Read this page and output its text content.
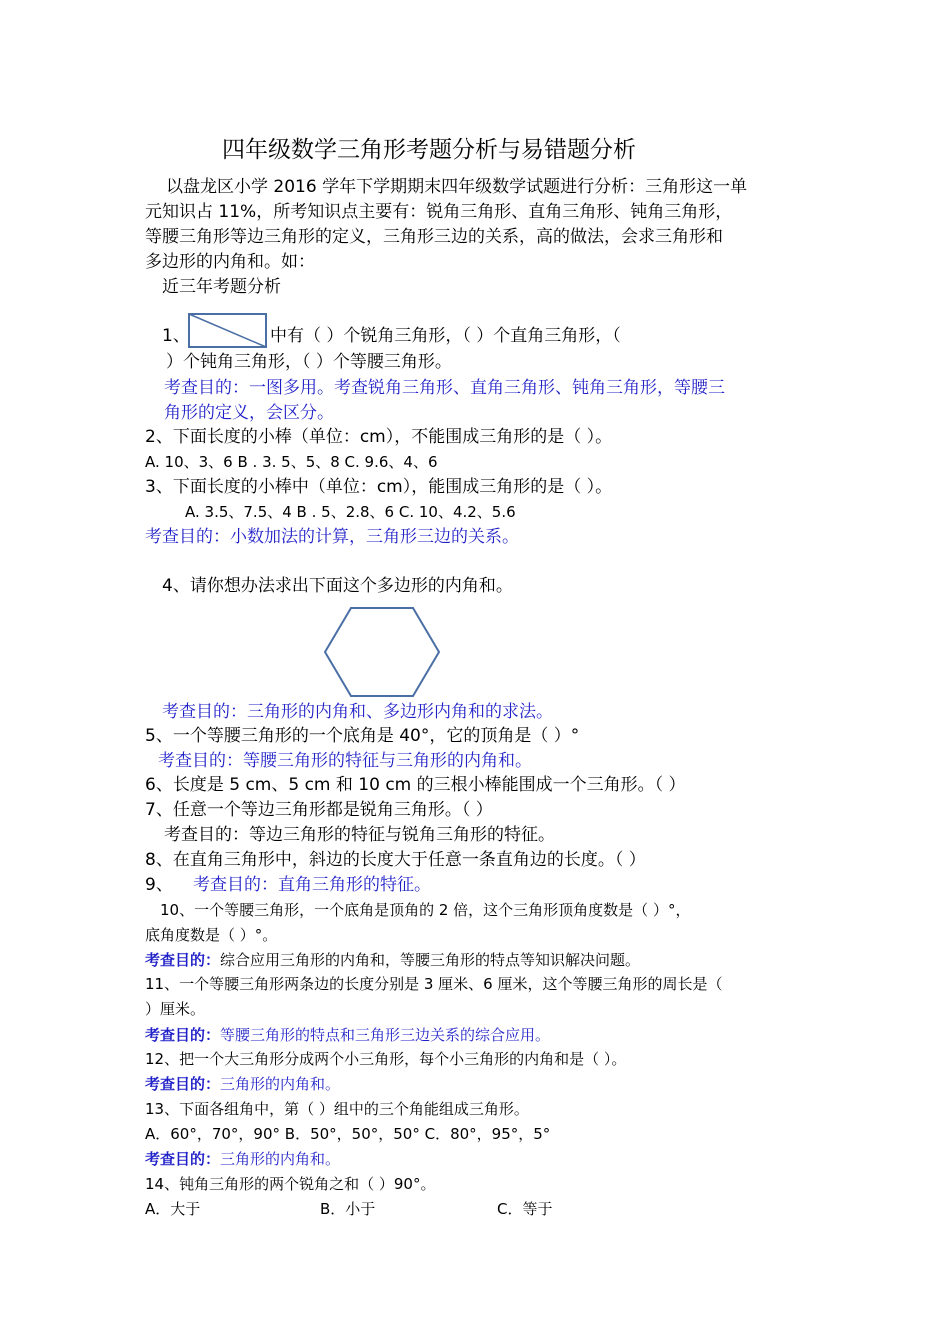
四年级数学三角形考题分析与易错题分析
以盘龙区小学 2016 学年下学期期末四年级数学试题进行分析：三角形这一单
元知识占 11%，所考知识点主要有：锐角三角形、直角三角形、钝角三角形，
等腰三角形等边三角形的定义，三角形三边的关系，高的做法，会求三角形和
多边形的内角和。如：
近三年考题分析
1、	中有（ ）个锐角三角形，（ ）个直角三角形，（
）个钝角三角形，（ ）个等腰三角形。
考查目的：一图多用。考查锐角三角形、直角三角形、钝角三角形，等腰三
角形的定义，会区分。
2、下面长度的小棒（单位：cm），不能围成三角形的是（ ）。
A. 10、3、6 B . 3. 5、5、8 C. 9.6、4、6
3、下面长度的小棒中（单位：cm），能围成三角形的是（ ）。
A. 3.5、7.5、4 B . 5、2.8、6 C. 10、4.2、5.6
考查目的：小数加法的计算，三角形三边的关系。
4、请你想办法求出下面这个多边形的内角和。
考查目的：三角形的内角和、多边形内角和的求法。
5、一个等腰三角形的一个底角是 40°，它的顶角是（ ）°
考查目的：等腰三角形的特征与三角形的内角和。
6、长度是 5 cm、5 cm 和 10 cm 的三根小棒能围成一个三角形。（ ）
7、任意一个等边三角形都是锐角三角形。（ ）
考查目的：等边三角形的特征与锐角三角形的特征。
8、在直角三角形中，斜边的长度大于任意一条直角边的长度。（ ）
9、 考查目的：直角三角形的特征。
10、一个等腰三角形，一个底角是顶角的 2 倍，这个三角形顶角度数是（ ）°，
底角度数是（ ）°。
考查目的：综合应用三角形的内角和，等腰三角形的特点等知识解决问题。
11、一个等腰三角形两条边的长度分别是 3 厘米、6 厘米，这个等腰三角形的周长是（
）厘米。
考查目的：等腰三角形的特点和三角形三边关系的综合应用。
12、把一个大三角形分成两个小三角形，每个小三角形的内角和是（ ）。
考查目的：三角形的内角和。
13、下面各组角中，第（ ）组中的三个角能组成三角形。
A．60°，70°，90° B．50°，50°，50° C．80°，95°，5°
考查目的：三角形的内角和。
14、钝角三角形的两个锐角之和（ ）90°。
A．大于	B．小于	C．等于
